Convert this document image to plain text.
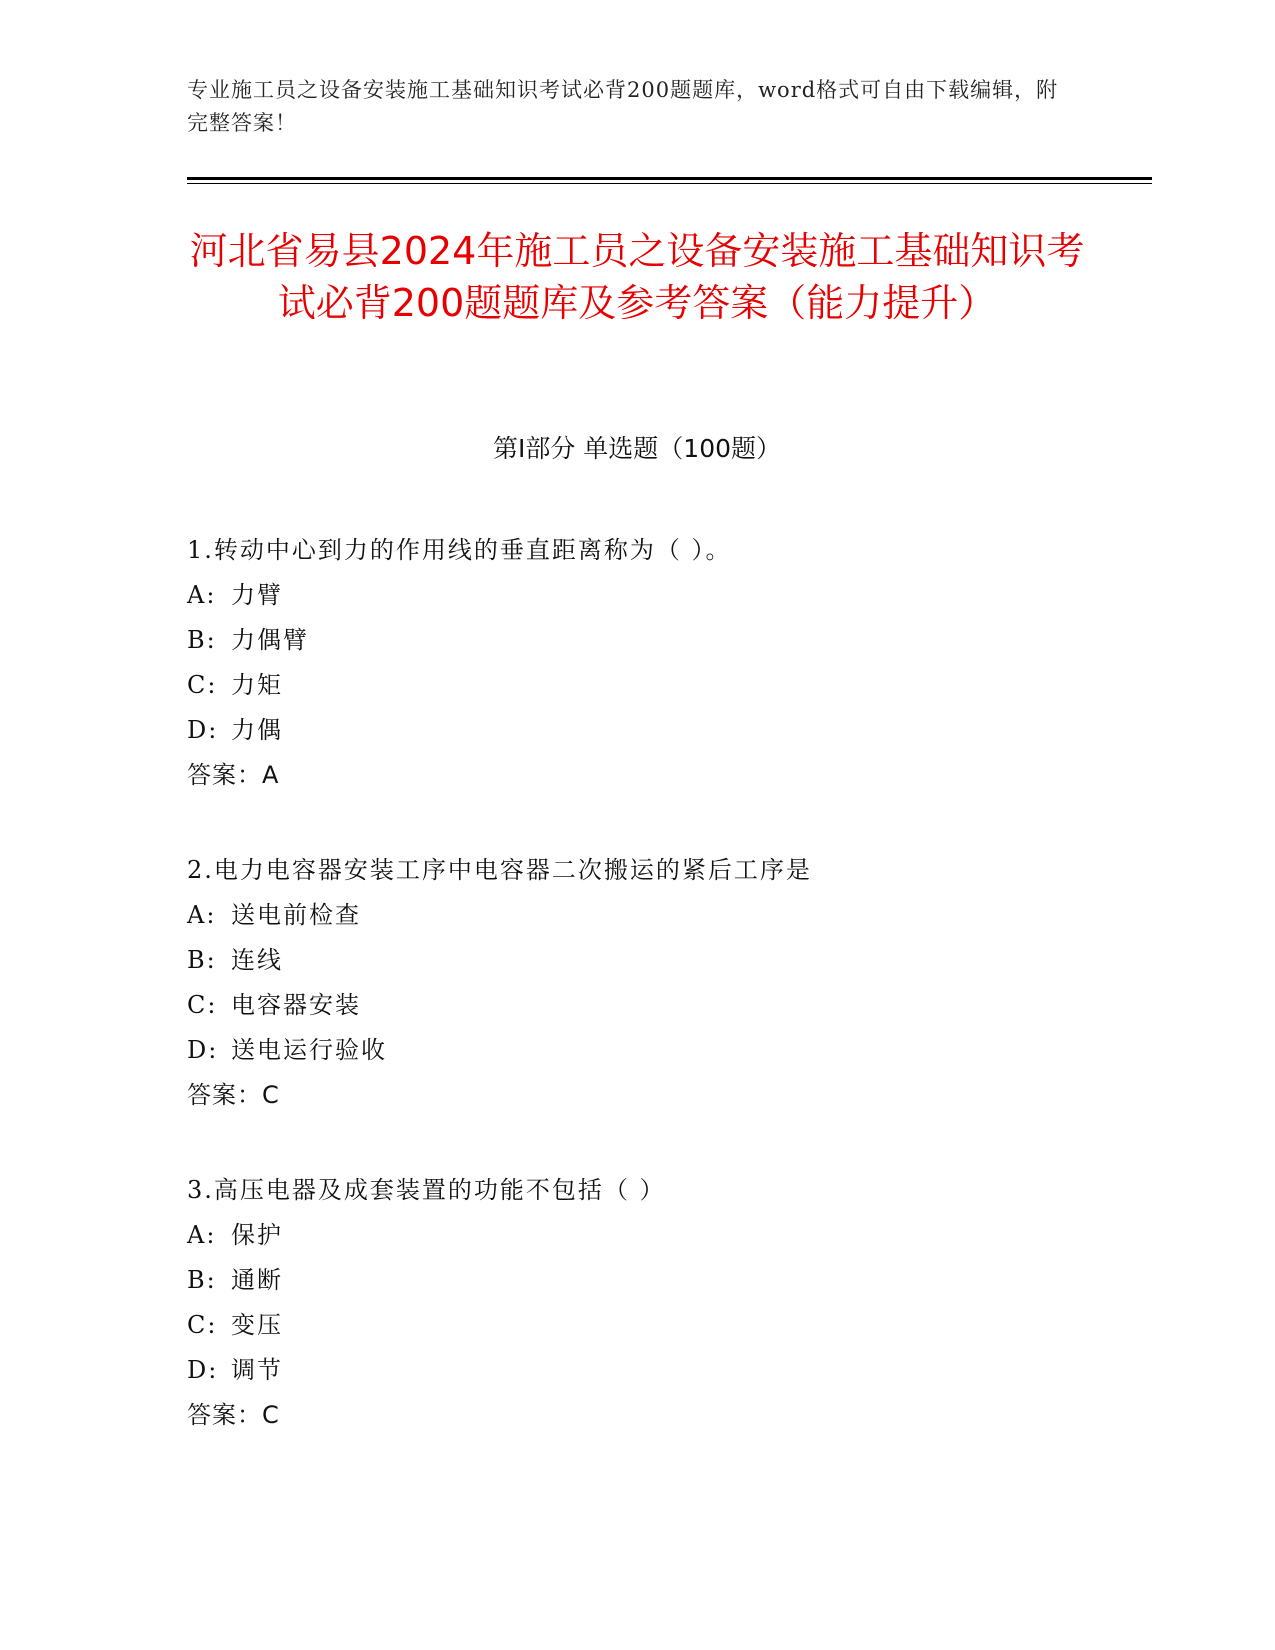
专业施工员之设备安装施工基础知识考试必背200题题库，word格式可自由下载编辑，附完整答案！
河北省易县2024年施工员之设备安装施工基础知识考试必背200题题库及参考答案（能力提升）
第I部分 单选题（100题）
1.转动中心到力的作用线的垂直距离称为（ ）。
A: 力臂
B: 力偶臂
C: 力矩
D: 力偶
答案：A
2.电力电容器安装工序中电容器二次搬运的紧后工序是
A: 送电前检查
B: 连线
C: 电容器安装
D: 送电运行验收
答案：C
3.高压电器及成套装置的功能不包括（ ）
A: 保护
B: 通断
C: 变压
D: 调节
答案：C
